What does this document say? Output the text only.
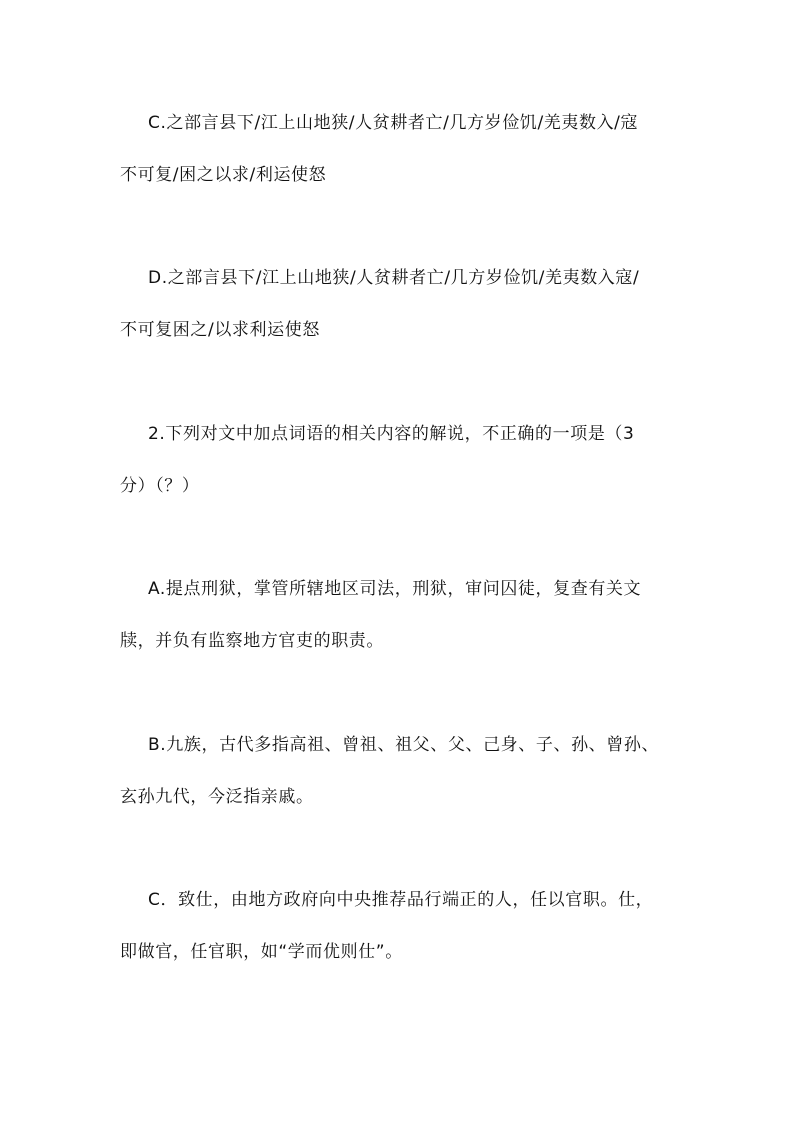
C.之部言县下/江上山地狭/人贫耕者亡/几方岁俭饥/羌夷数入/寇
不可复/困之以求/利运使怒
D.之部言县下/江上山地狭/人贫耕者亡/几方岁俭饥/羌夷数入寇/
不可复困之/以求利运使怒
2.下列对文中加点词语的相关内容的解说，不正确的一项是（3
分）（？）
A.提点刑狱，掌管所辖地区司法，刑狱，审问囚徒，复查有关文
牍，并负有监察地方官吏的职责。
B.九族，古代多指高祖、曾祖、祖父、父、己身、子、孙、曾孙、
玄孙九代，今泛指亲戚。
C．致仕，由地方政府向中央推荐品行端正的人，任以官职。仕，
即做官，任官职，如“学而优则仕”。
